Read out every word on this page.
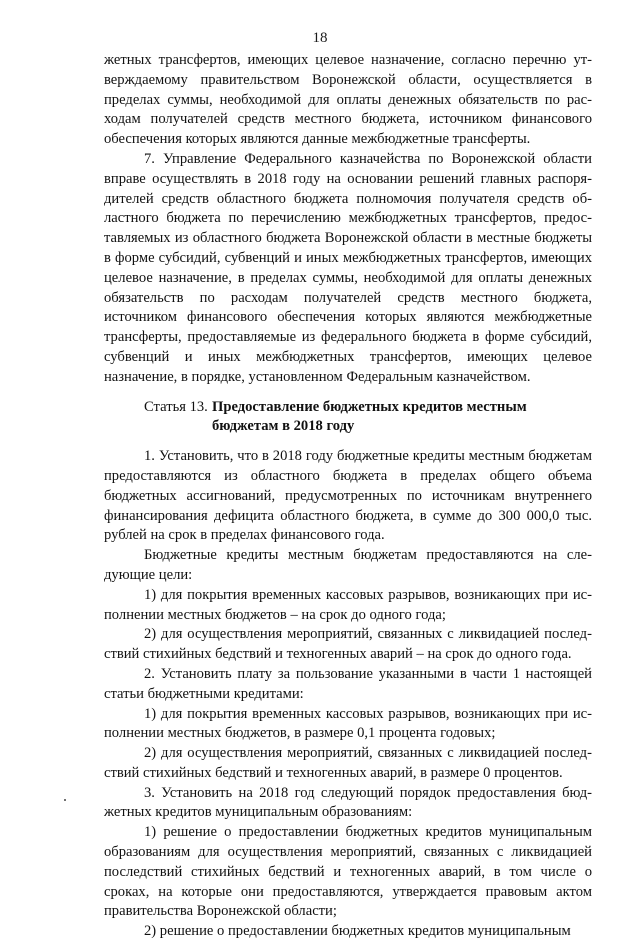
18

жетных трансфертов, имеющих целевое назначение, согласно перечню утверждаемому правительством Воронежской области, осуществляется в пределах суммы, необходимой для оплаты денежных обязательств по расходам получателей средств местного бюджета, источником финансового обеспечения которых являются данные межбюджетные трансферты.

7. Управление Федерального казначейства по Воронежской области вправе осуществлять в 2018 году на основании решений главных распорядителей средств областного бюджета полномочия получателя средств областного бюджета по перечислению межбюджетных трансфертов, предоставляемых из областного бюджета Воронежской области в местные бюджеты в форме субсидий, субвенций и иных межбюджетных трансфертов, имеющих целевое назначение, в пределах суммы, необходимой для оплаты денежных обязательств по расходам получателей средств местного бюджета, источником финансового обеспечения которых являются межбюджетные трансферты, предоставляемые из федерального бюджета в форме субсидий, субвенций и иных межбюджетных трансфертов, имеющих целевое назначение, в порядке, установленном Федеральным казначейством.

Статья 13. Предоставление бюджетных кредитов местным
бюджетам в 2018 году

1. Установить, что в 2018 году бюджетные кредиты местным бюджетам предоставляются из областного бюджета в пределах общего объема бюджетных ассигнований, предусмотренных по источникам внутреннего финансирования дефицита областного бюджета, в сумме до 300 000,0 тыс. рублей на срок в пределах финансового года.

Бюджетные кредиты местным бюджетам предоставляются на следующие цели:

1) для покрытия временных кассовых разрывов, возникающих при исполнении местных бюджетов – на срок до одного года;

2) для осуществления мероприятий, связанных с ликвидацией последствий стихийных бедствий и техногенных аварий – на срок до одного года.

2. Установить плату за пользование указанными в части 1 настоящей статьи бюджетными кредитами:

1) для покрытия временных кассовых разрывов, возникающих при исполнении местных бюджетов, в размере 0,1 процента годовых;

2) для осуществления мероприятий, связанных с ликвидацией последствий стихийных бедствий и техногенных аварий, в размере 0 процентов.

3. Установить на 2018 год следующий порядок предоставления бюджетных кредитов муниципальным образованиям:

1) решение о предоставлении бюджетных кредитов муниципальным образованиям для осуществления мероприятий, связанных с ликвидацией последствий стихийных бедствий и техногенных аварий, в том числе о сроках, на которые они предоставляются, утверждается правовым актом правительства Воронежской области;

2) решение о предоставлении бюджетных кредитов муниципальным
